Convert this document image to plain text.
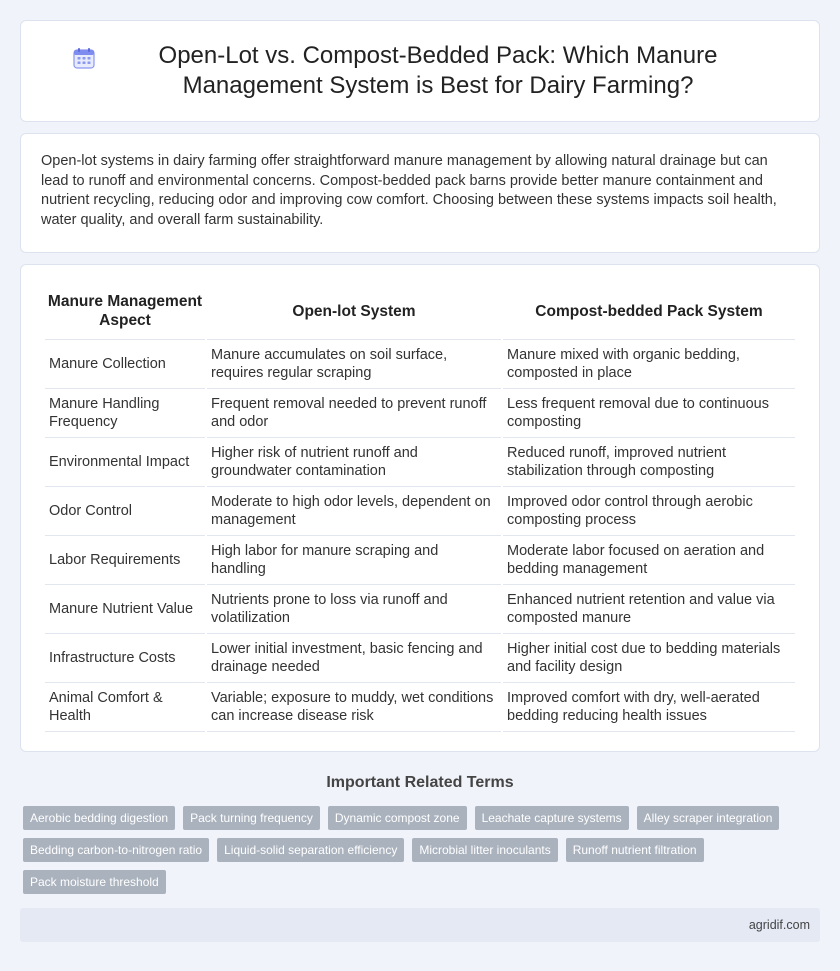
Open-Lot vs. Compost-Bedded Pack: Which Manure Management System is Best for Dairy Farming?

Open-lot systems in dairy farming offer straightforward manure management by allowing natural drainage but can lead to runoff and environmental concerns. Compost-bedded pack barns provide better manure containment and nutrient recycling, reducing odor and improving cow comfort. Choosing between these systems impacts soil health, water quality, and overall farm sustainability.

Manure Management Aspect	Open-lot System	Compost-bedded Pack System
Manure Collection	Manure accumulates on soil surface, requires regular scraping	Manure mixed with organic bedding, composted in place
Manure Handling Frequency	Frequent removal needed to prevent runoff and odor	Less frequent removal due to continuous composting
Environmental Impact	Higher risk of nutrient runoff and groundwater contamination	Reduced runoff, improved nutrient stabilization through composting
Odor Control	Moderate to high odor levels, dependent on management	Improved odor control through aerobic composting process
Labor Requirements	High labor for manure scraping and handling	Moderate labor focused on aeration and bedding management
Manure Nutrient Value	Nutrients prone to loss via runoff and volatilization	Enhanced nutrient retention and value via composted manure
Infrastructure Costs	Lower initial investment, basic fencing and drainage needed	Higher initial cost due to bedding materials and facility design
Animal Comfort & Health	Variable; exposure to muddy, wet conditions can increase disease risk	Improved comfort with dry, well-aerated bedding reducing health issues
Important Related Terms
Aerobic bedding digestion	Pack turning frequency	Dynamic compost zone	Leachate capture systems	Alley scraper integration
Bedding carbon-to-nitrogen ratio	Liquid-solid separation efficiency	Microbial litter inoculants	Runoff nutrient filtration
Pack moisture threshold
agridif.com
